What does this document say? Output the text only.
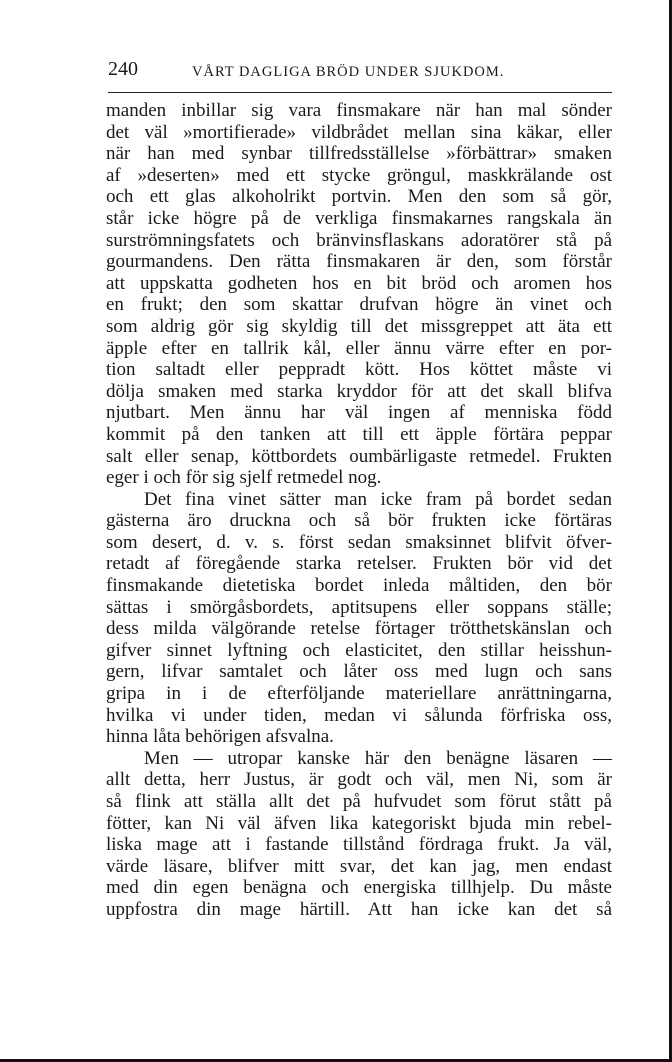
240	VÅRT DAGLIGA BRÖD UNDER SJUKDOM.
manden inbillar sig vara finsmakare när han mal sönder
det väl »mortifierade» vildbrådet mellan sina käkar, eller
när han med synbar tillfredsställelse »förbättrar» smaken
af »deserten» med ett stycke gröngul, maskkrälande ost
och ett glas alkoholrikt portvin. Men den som så gör,
står icke högre på de verkliga finsmakarnes rangskala än
surströmningsfatets och bränvinsflaskans adoratörer stå på
gourmandens. Den rätta finsmakaren är den, som förstår
att uppskatta godheten hos en bit bröd och aromen hos
en frukt; den som skattar drufvan högre än vinet och
som aldrig gör sig skyldig till det missgreppet att äta ett
äpple efter en tallrik kål, eller ännu värre efter en por-
tion saltadt eller peppradt kött. Hos köttet måste vi
dölja smaken med starka kryddor för att det skall blifva
njutbart. Men ännu har väl ingen af menniska född
kommit på den tanken att till ett äpple förtära peppar
salt eller senap, köttbordets oumbärligaste retmedel. Frukten
eger i och för sig sjelf retmedel nog.
Det fina vinet sätter man icke fram på bordet sedan
gästerna äro druckna och så bör frukten icke förtäras
som desert, d. v. s. först sedan smaksinnet blifvit öfver-
retadt af föregående starka retelser. Frukten bör vid det
finsmakande dietetiska bordet inleda måltiden, den bör
sättas i smörgåsbordets, aptitsupens eller soppans ställe;
dess milda välgörande retelse förtager trötthetskänslan och
gifver sinnet lyftning och elasticitet, den stillar heisshun-
gern, lifvar samtalet och låter oss med lugn och sans
gripa in i de efterföljande materiellare anrättningarna,
hvilka vi under tiden, medan vi sålunda förfriska oss,
hinna låta behörigen afsvalna.
Men — utropar kanske här den benägne läsaren —
allt detta, herr Justus, är godt och väl, men Ni, som är
så flink att ställa allt det på hufvudet som förut stått på
fötter, kan Ni väl äfven lika kategoriskt bjuda min rebel-
liska mage att i fastande tillstånd fördraga frukt. Ja väl,
värde läsare, blifver mitt svar, det kan jag, men endast
med din egen benägna och energiska tillhjelp. Du måste
uppfostra din mage härtill. Att han icke kan det så
